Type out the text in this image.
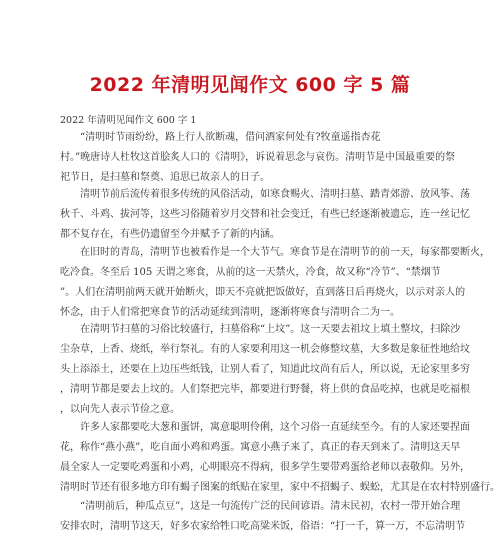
2022 年清明见闻作文 600 字 5 篇
2022 年清明见闻作文 600 字 1
“清明时节雨纷纷，路上行人欲断魂，借问酒家何处有?牧童遥指杏花
村。”晚唐诗人杜牧这首脍炙人口的《清明》，诉说着思念与哀伤。清明节是中国最重要的祭
祀节日，是扫墓和祭奠、追思已故亲人的日子。
清明节前后流传着很多传统的风俗活动，如寒食赐火、清明扫墓、踏青郊游、放风筝、荡
秋千、斗鸡、拔河等，这些习俗随着岁月交替和社会变迁，有些已经逐渐被遗忘，连一丝记忆
都不复存在，有些仍遗留至今并赋予了新的内涵。
在旧时的青岛，清明节也被看作是一个大节气。寒食节是在清明节的前一天，每家都要断火，
吃冷食。冬至后 105 天谓之寒食，从前的这一天禁火，冷食，故又称“冷节”、“禁烟节
”。人们在清明前两天就开始断火，即天不亮就把饭做好，直到落日后再烧火，以示对亲人的
怀念，由于人们常把寒食节的活动延续到清明，逐渐将寒食与清明合二为一。
在清明节扫墓的习俗比较盛行，扫墓俗称“上坟”。这一天要去祖坟上填土整坟，扫除沙
尘杂草，上香、烧纸，举行祭礼。有的人家要利用这一机会修整坟墓，大多数是象征性地给坟
头上添添土，还要在上边压些纸钱，让别人看了，知道此坟尚有后人，所以说，无论家里多穷
，清明节都是要去上坟的。人们祭把完毕，都要进行野餐，将上供的食品吃掉，也就是吃福根
，以向先人表示节俭之意。
许多人家都要吃大葱和蛋饼，寓意聪明伶俐，这个习俗一直延续至今。有的人家还要捏面
花，称作“燕小燕”，吃自面小鸡和鸡蛋。寓意小燕子来了，真正的春天到来了。清明这天早
晨全家人一定要吃鸡蛋和小鸡，心明眼亮不得病，很多学生要带鸡蛋给老师以表敬仰。另外，
清明时节还有很多地方印有蝎子图案的纸贴在家里，家中不招蝎子、蜈蚣，尤其是在农村特别盛行。
“清明前后，种瓜点豆”，这是一句流传广泛的民间谚语。清末民初，农村一带开始合理
安排农时，清明节这天，好多农家给牲口吃高粱米饭，俗语：“打一千，算一万，不忘清明节
